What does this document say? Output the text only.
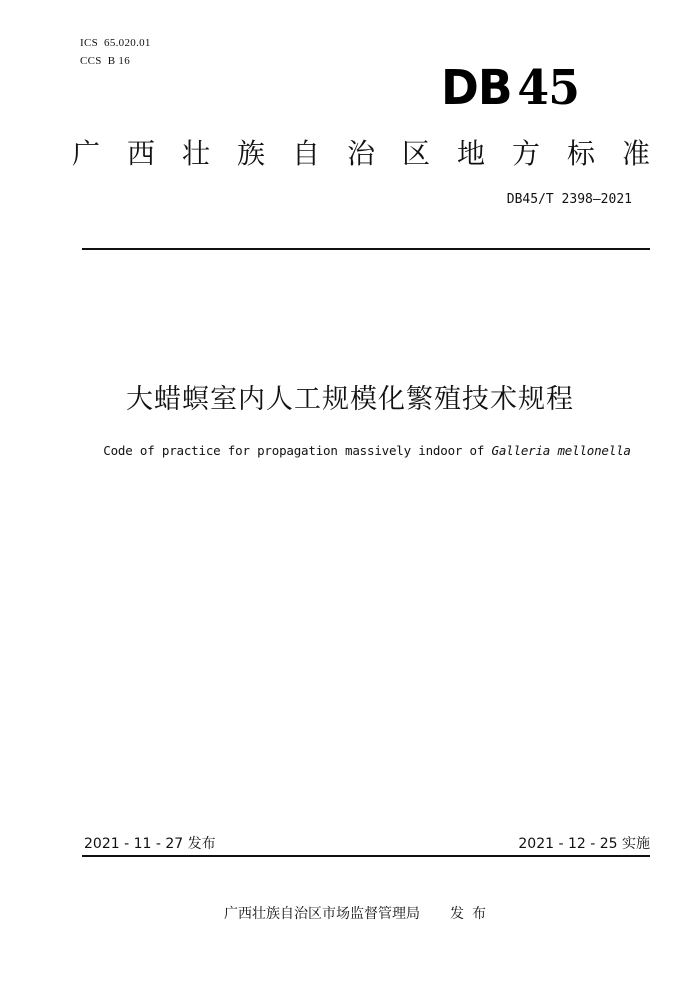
ICS 65.020.01
CCS B 16	DB 45
广西壮族自治区地方标准
DB45/T 2398—2021
大蜡螟室内人工规模化繁殖技术规程
Code of practice for propagation massively indoor of Galleria mellonella
2021 - 11 - 27 发布	2021 - 12 - 25 实施
广西壮族自治区市场监督管理局 发布
